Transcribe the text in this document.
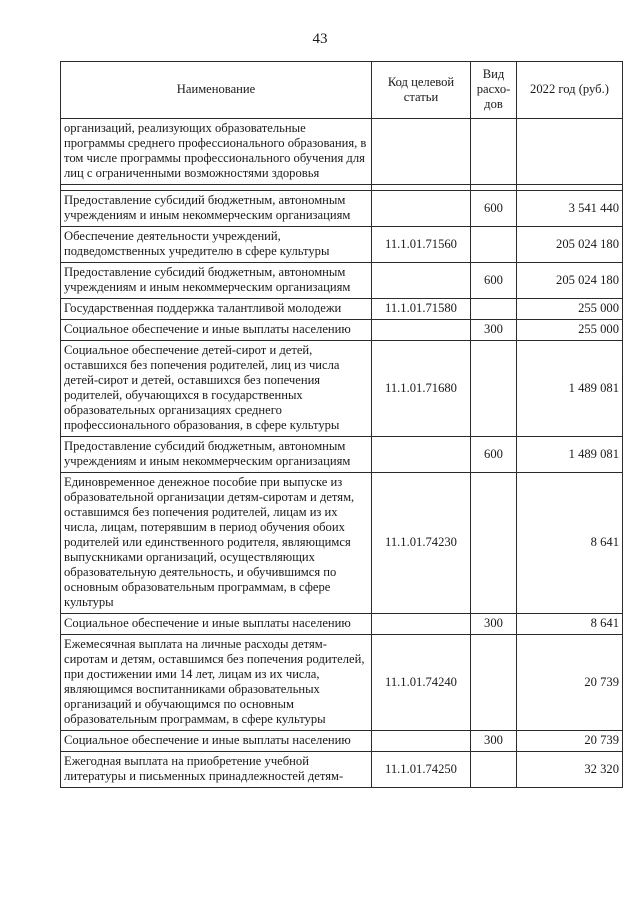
43
Наименование	Код целевой статьи	Вид расхо-дов	2022 год (руб.)
организаций, реализующих образовательные программы среднего профессионального образования, в том числе программы профессионального обучения для лиц с ограниченными возможностями здоровья			

Предоставление субсидий бюджетным, автономным учреждениям и иным некоммерческим организациям		600	3 541 440
Обеспечение деятельности учреждений, подведомственных учредителю в сфере культуры	11.1.01.71560		205 024 180
Предоставление субсидий бюджетным, автономным учреждениям и иным некоммерческим организациям		600	205 024 180
Государственная поддержка талантливой молодежи	11.1.01.71580		255 000
Социальное обеспечение и иные выплаты населению		300	255 000
Социальное обеспечение детей-сирот и детей, оставшихся без попечения родителей, лиц из числа детей-сирот и детей, оставшихся без попечения родителей, обучающихся в государственных образовательных организациях среднего профессионального образования, в сфере культуры	11.1.01.71680		1 489 081
Предоставление субсидий бюджетным, автономным учреждениям и иным некоммерческим организациям		600	1 489 081
Единовременное денежное пособие при выпуске из образовательной организации детям-сиротам и детям, оставшимся без попечения родителей, лицам из их числа, лицам, потерявшим в период обучения обоих родителей или единственного родителя, являющимся выпускниками организаций, осуществляющих образовательную деятельность, и обучившимся по основным образовательным программам, в сфере культуры	11.1.01.74230		8 641
Социальное обеспечение и иные выплаты населению		300	8 641
Ежемесячная выплата на личные расходы детям-сиротам и детям, оставшимся без попечения родителей, при достижении ими 14 лет, лицам из их числа, являющимся воспитанниками образовательных организаций и обучающимся по основным образовательным программам, в сфере культуры	11.1.01.74240		20 739
Социальное обеспечение и иные выплаты населению		300	20 739
Ежегодная выплата на приобретение учебной литературы и письменных принадлежностей детям-	11.1.01.74250		32 320
